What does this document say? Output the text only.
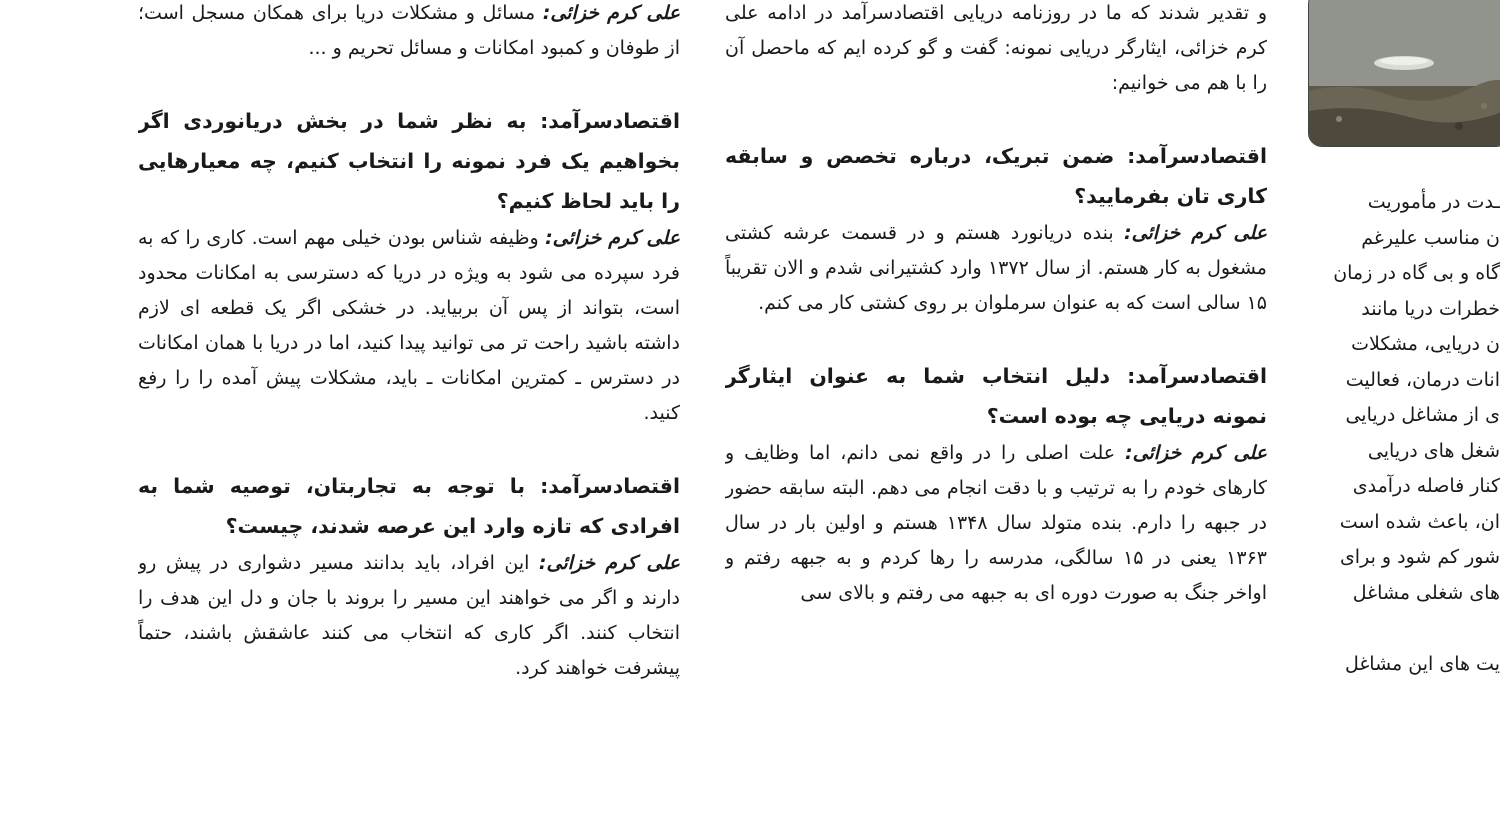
علی کرم خزائی: مسائل و مشکلات دریا برای همکان مسجل است؛ از طوفان و کمبود امکانات و مسائل تحریم و ...

اقتصادسرآمد: به نظر شما در بخش دریانوردی اگر بخواهیم یک فرد نمونه را انتخاب کنیم، چه معیارهایی را باید لحاظ کنیم؟

علی کرم خزائی: وظیفه شناس بودن خیلی مهم است. کاری را که به فرد سپرده می شود به ویژه در دریا که دسترسی به امکانات محدود است، بتواند از پس آن بربیاید. در خشکی اگر یک قطعه ای لازم داشته باشید راحت تر می توانید پیدا کنید، اما در دریا با همان امکانات در دسترس ـ کمترین امکانات ـ باید، مشکلات پیش آمده را را رفع کنید.

اقتصادسرآمد: با توجه به تجاربتان، توصیه شما به افرادی که تازه وارد این عرصه شدند، چیست؟

علی کرم خزائی: این افراد، باید بدانند مسیر دشواری در پیش رو دارند و اگر می خواهند این مسیر را بروند با جان و دل این هدف را انتخاب کنند. اگر کاری که انتخاب می کنند عاشقش باشند، حتماً پیشرفت خواهند کرد.

و تقدیر شدند که ما در روزنامه دریایی اقتصادسرآمد در ادامه علی کرم خزائی، ایثارگر دریایی نمونه: گفت و گو کرده ایم که ماحصل آن را با هم می خوانیم:

اقتصادسرآمد: ضمن تبریک، درباره تخصص و سابقه کاری تان بفرمایید؟

علی کرم خزائی: بنده دریانورد هستم و در قسمت عرشه کشتی مشغول به کار هستم. از سال ۱۳۷۲ وارد کشتیرانی شدم و الان تقریباً ۱۵ سالی است که به عنوان سرملوان بر روی کشتی کار می کنم.

اقتصادسرآمد: دلیل انتخاب شما به عنوان ایثارگر نمونه دریایی چه بوده است؟

علی کرم خزائی: علت اصلی را در واقع نمی دانم، اما وظایف و کارهای خودم را به ترتیب و با دقت انجام می دهم. البته سابقه حضور در جبهه را دارم. بنده متولد سال ۱۳۴۸ هستم و اولین بار در سال ۱۳۶۳ یعنی در ۱۵ سالگی، مدرسه را رها کردم و به جبهه رفتم و اواخر جنگ به صورت دوره ای به جبهه می رفتم و بالای سی

ـدت در مأموریت

ن مناسب علیرغم

گاه و بی گاه در زمان

خطرات دریا مانند

ن دریایی، مشکلات

انات درمان، فعالیت

ی از مشاغل دریایی

شغل های دریایی

کنار فاصله درآمدی

ان، باعث شده است

شور کم شود و برای

های شغلی مشاغل

یت های این مشاغل
